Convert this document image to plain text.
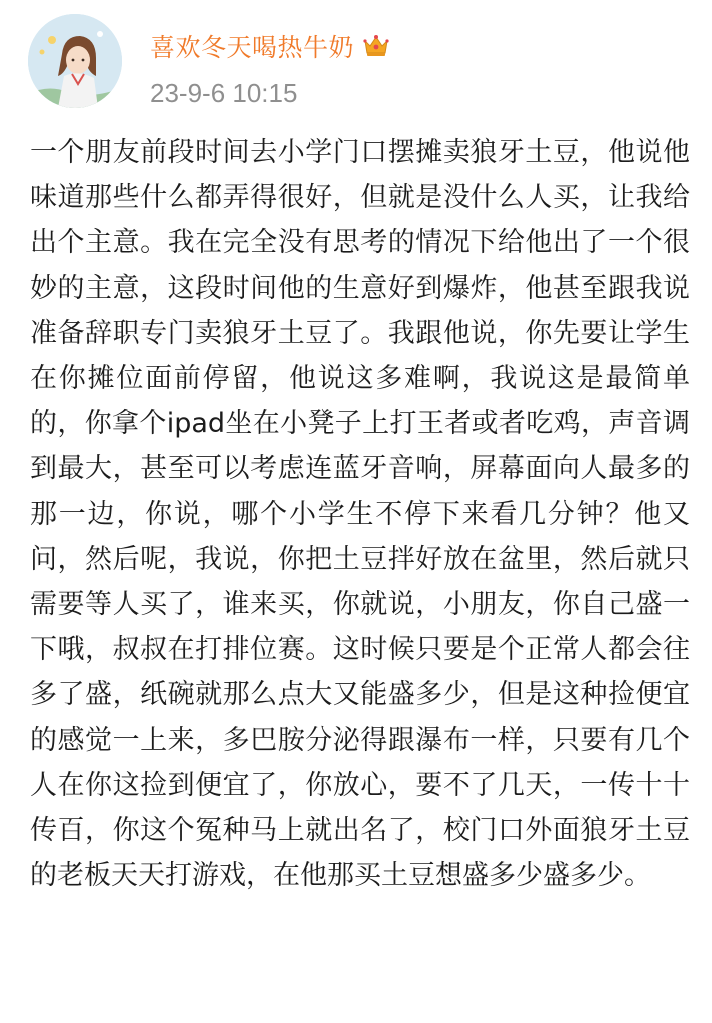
喜欢冬天喝热牛奶
23-9-6 10:15

一个朋友前段时间去小学门口摆摊卖狼牙土豆，他说他味道那些什么都弄得很好，但就是没什么人买，让我给出个主意。我在完全没有思考的情况下给他出了一个很妙的主意，这段时间他的生意好到爆炸，他甚至跟我说准备辞职专门卖狼牙土豆了。我跟他说，你先要让学生在你摊位面前停留，他说这多难啊，我说这是最简单的，你拿个ipad坐在小凳子上打王者或者吃鸡，声音调到最大，甚至可以考虑连蓝牙音响，屏幕面向人最多的那一边，你说，哪个小学生不停下来看几分钟？他又问，然后呢，我说，你把土豆拌好放在盆里，然后就只需要等人买了，谁来买，你就说，小朋友，你自己盛一下哦，叔叔在打排位赛。这时候只要是个正常人都会往多了盛，纸碗就那么点大又能盛多少，但是这种捡便宜的感觉一上来，多巴胺分泌得跟瀑布一样，只要有几个人在你这捡到便宜了，你放心，要不了几天，一传十十传百，你这个冤种马上就出名了，校门口外面狼牙土豆的老板天天打游戏，在他那买土豆想盛多少盛多少。
